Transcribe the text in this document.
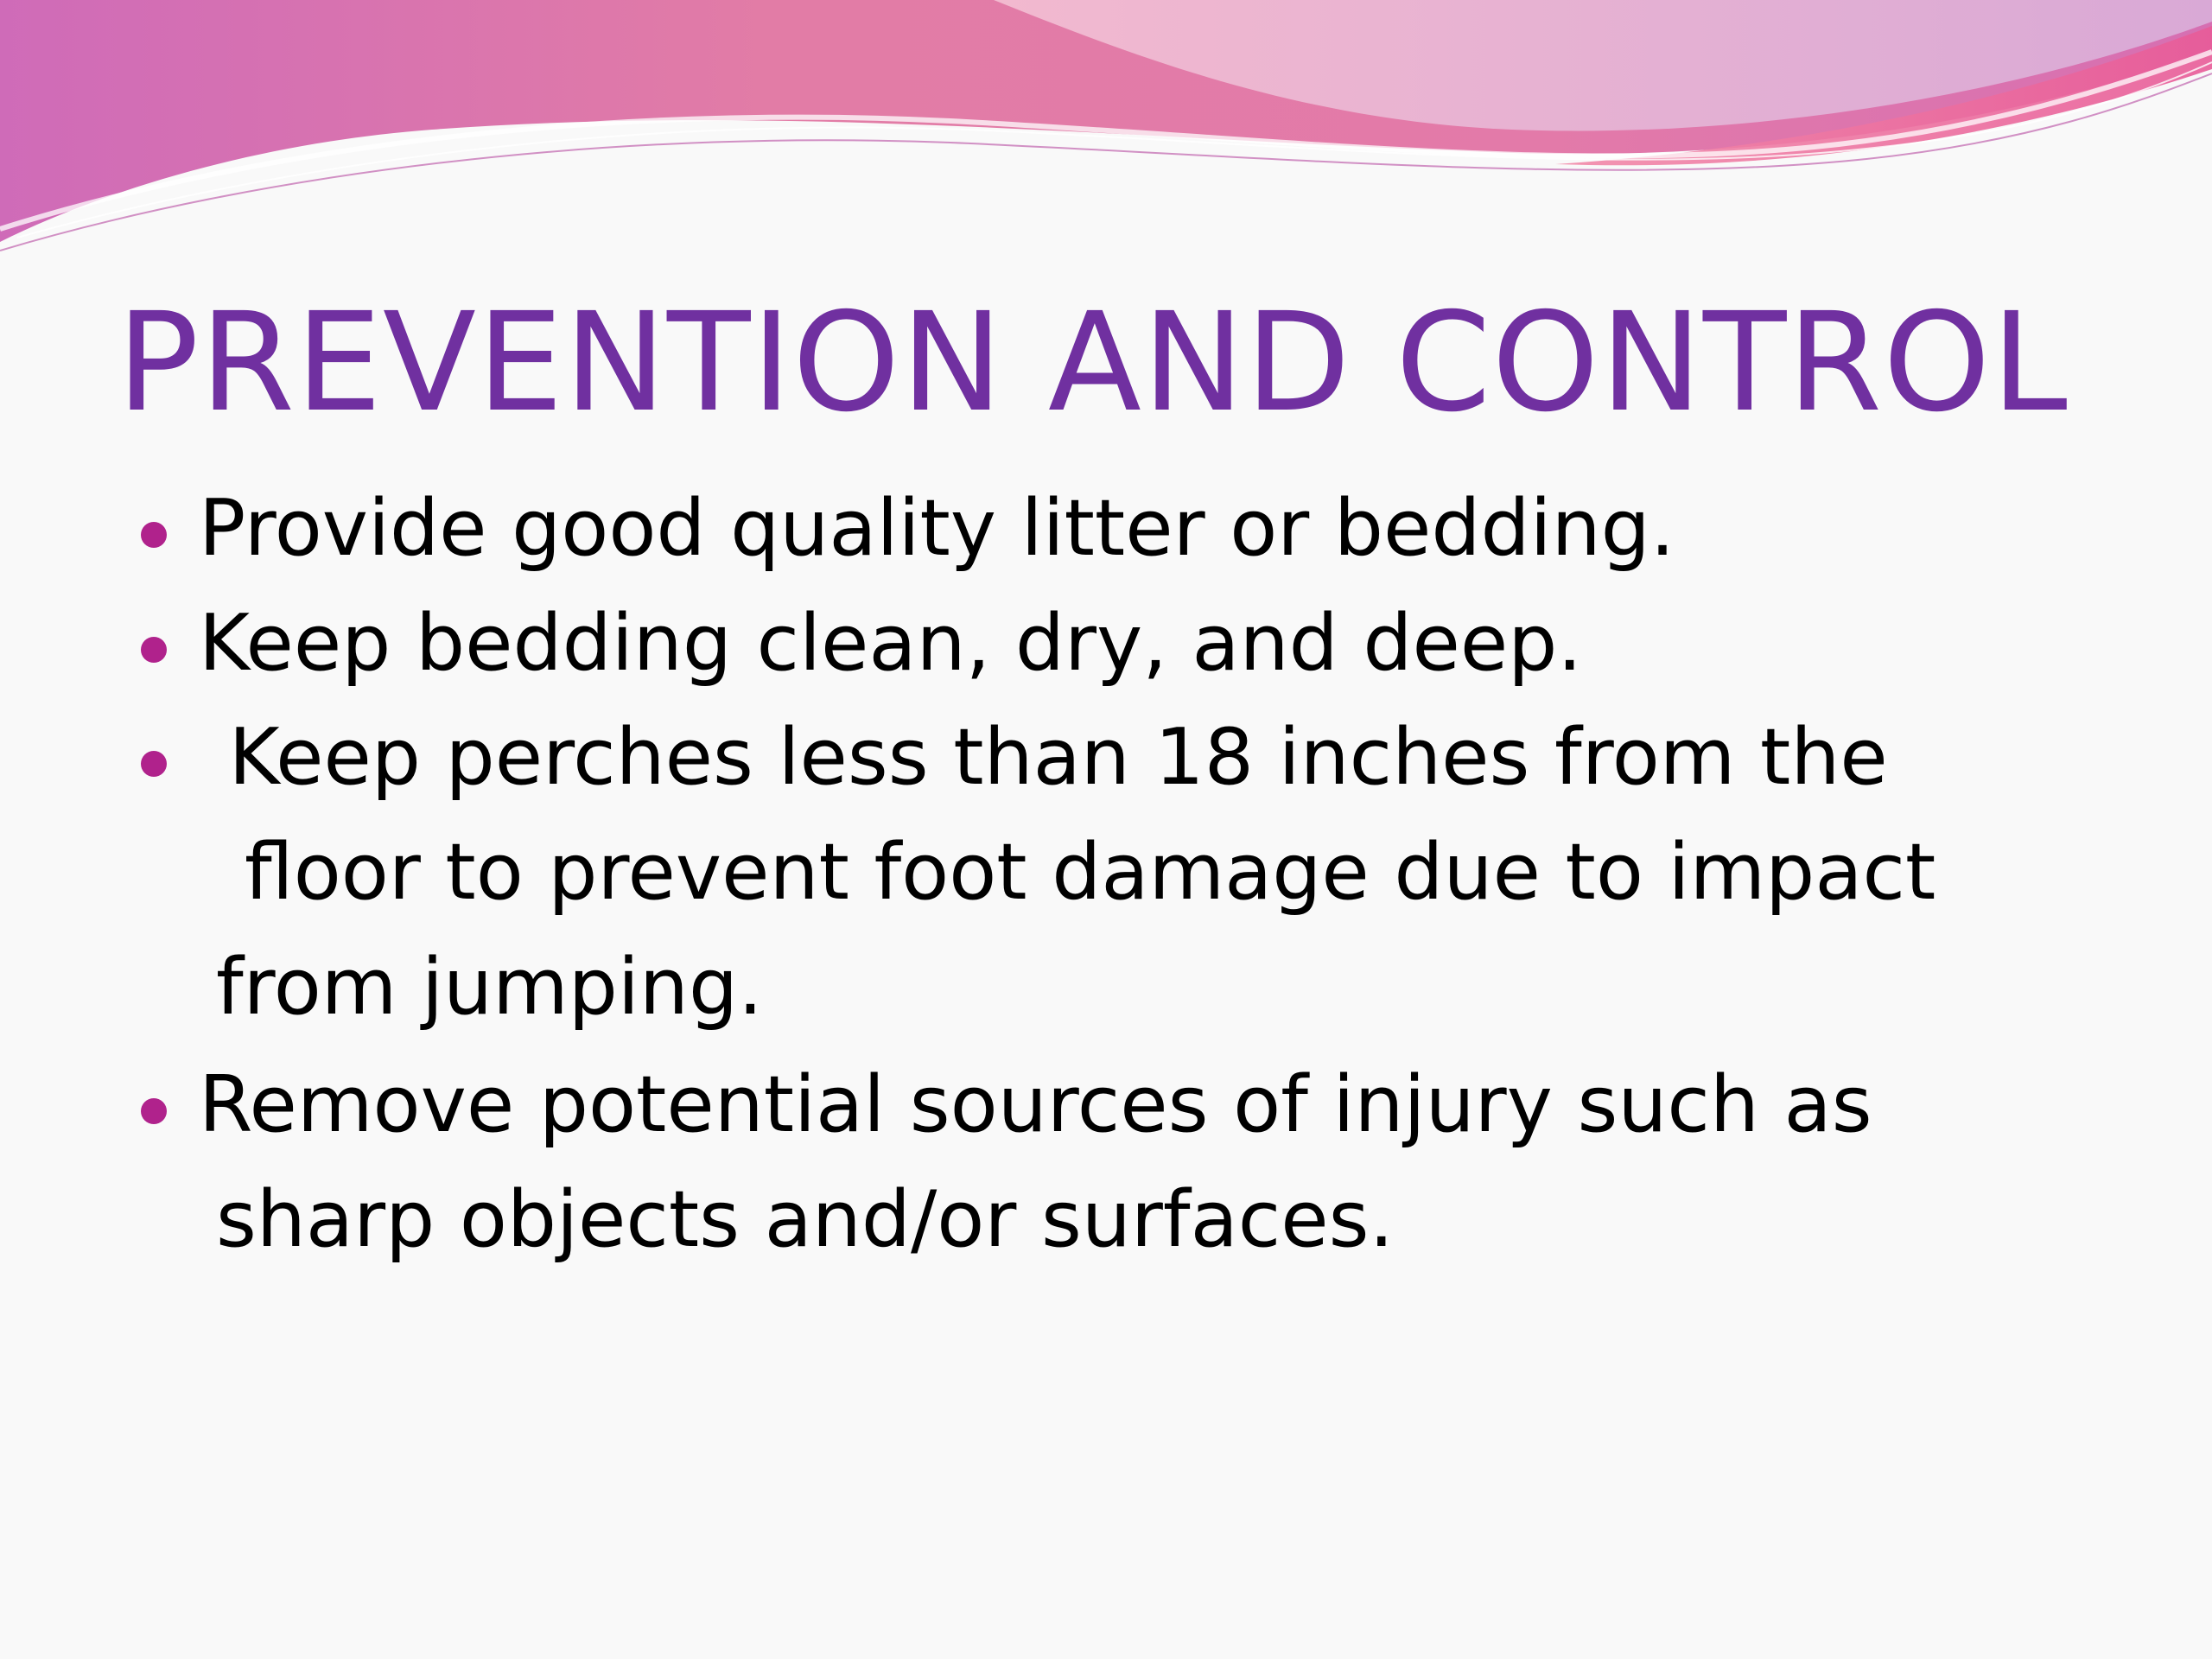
PREVENTION AND CONTROL
Provide good quality litter or bedding.
Keep bedding clean, dry, and deep.
Keep perches less than 18 inches from the
floor to prevent foot damage due to impact
from jumping.
Remove potential sources of injury such as
sharp objects and/or surfaces.
